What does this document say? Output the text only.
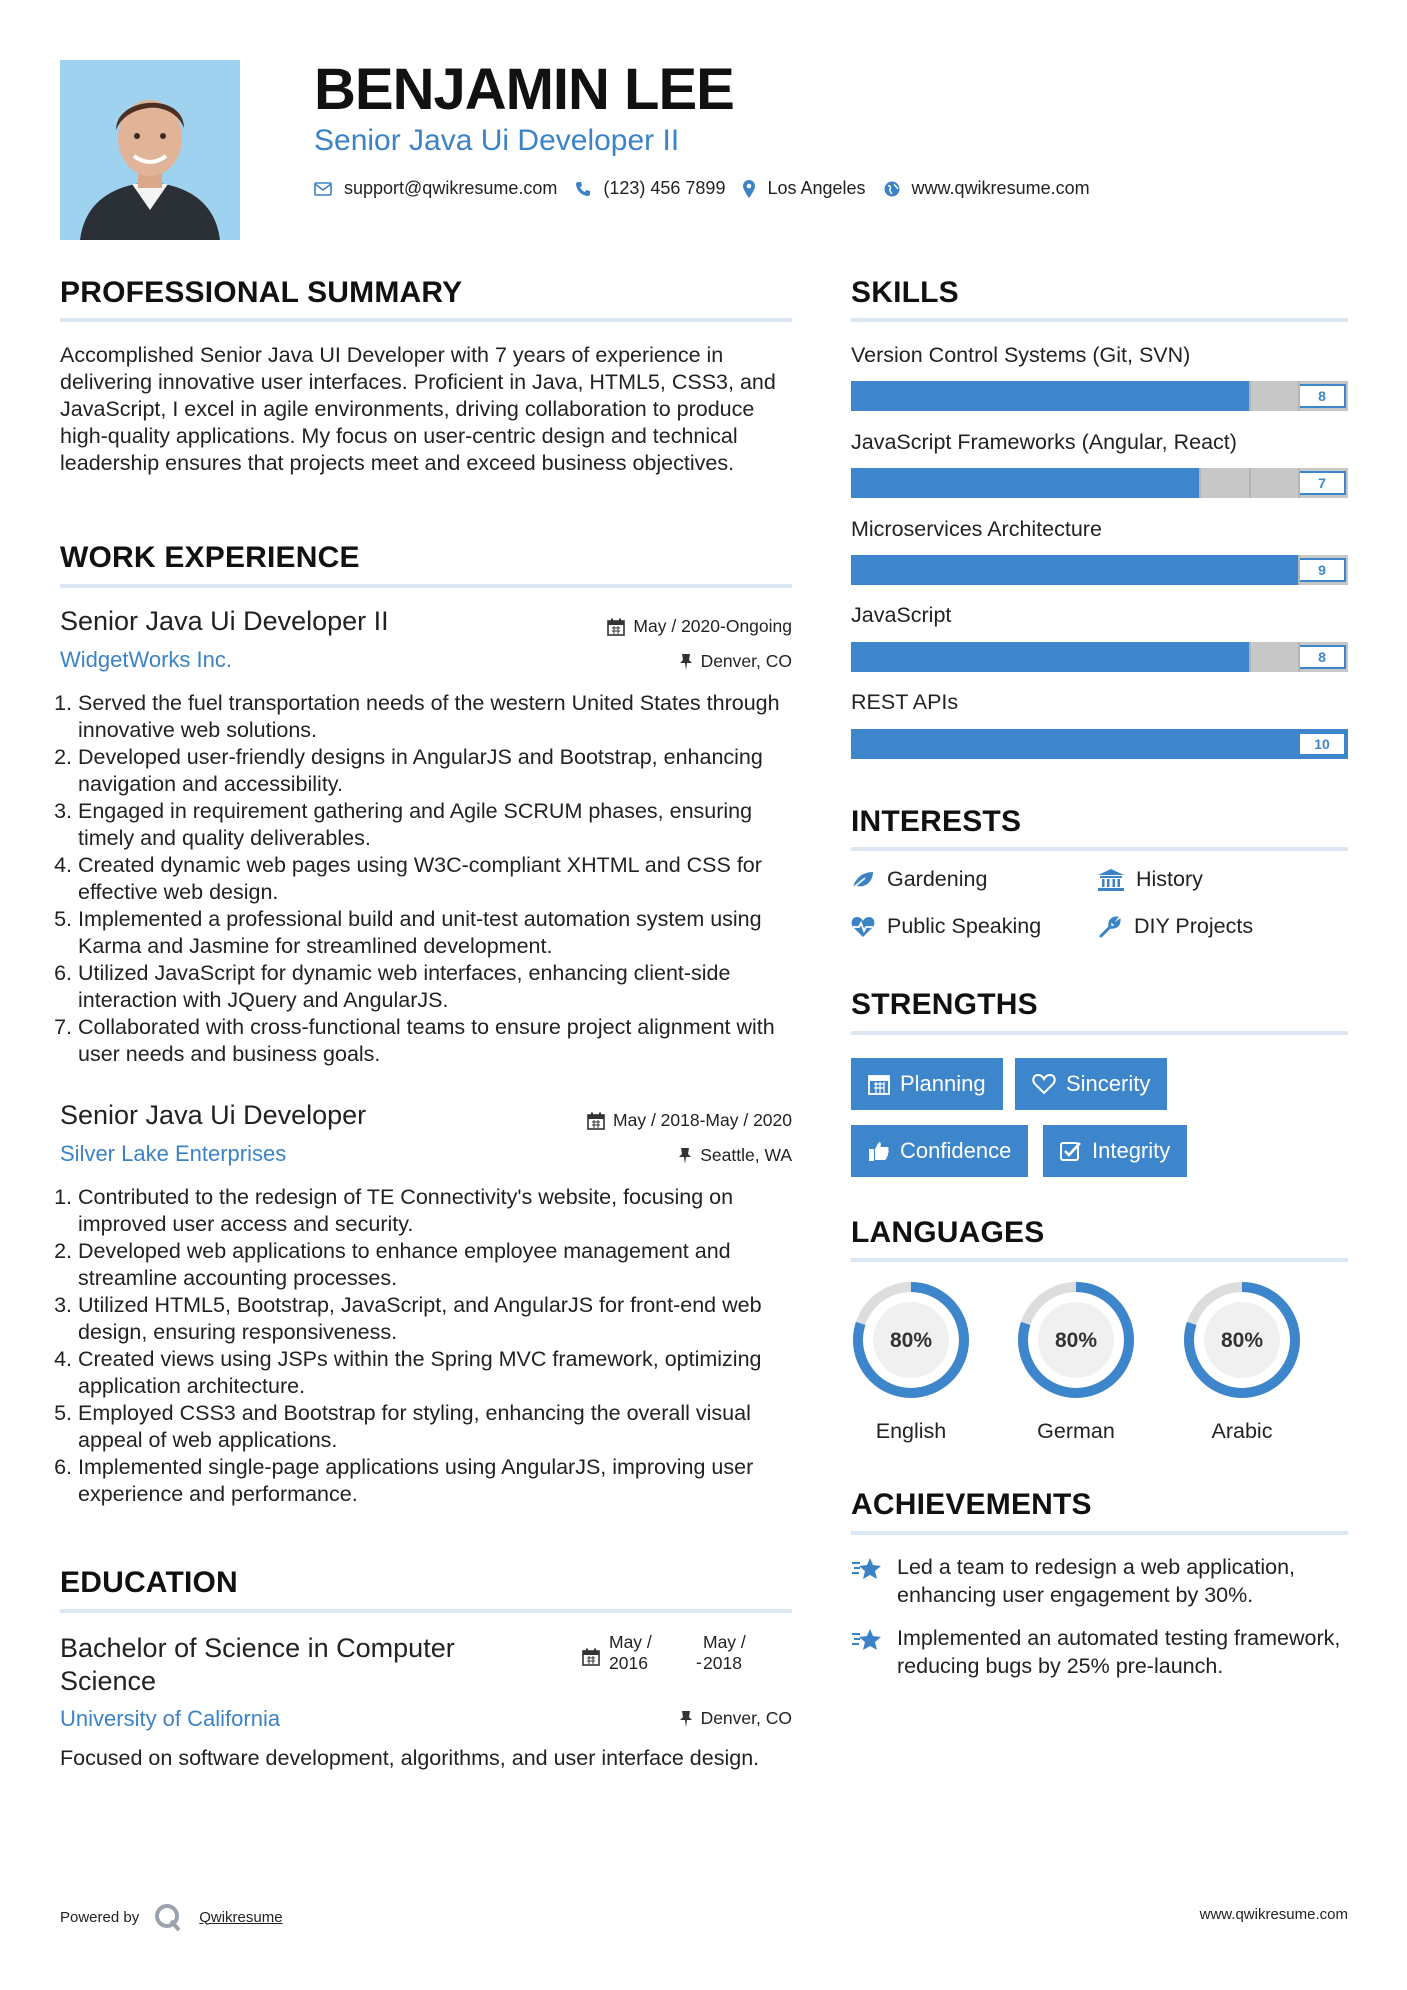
BENJAMIN LEE
Senior Java Ui Developer II
support@qwikresume.com	(123) 456 7899 Los Angeles	www.qwikresume.com
PROFESSIONAL SUMMARY
Accomplished Senior Java UI Developer with 7 years of experience in delivering innovative user interfaces. Proficient in Java, HTML5, CSS3, and JavaScript, I excel in agile environments, driving collaboration to produce high-quality applications. My focus on user-centric design and technical leadership ensures that projects meet and exceed business objectives.
WORK EXPERIENCE
Senior Java Ui Developer II
WidgetWorks Inc.
May / 2020-Ongoing
Denver, CO
1. Served the fuel transportation needs of the western United States through innovative web solutions.
2. Developed user-friendly designs in AngularJS and Bootstrap, enhancing navigation and accessibility.
3. Engaged in requirement gathering and Agile SCRUM phases, ensuring timely and quality deliverables.
4. Created dynamic web pages using W3C-compliant XHTML and CSS for effective web design.
5. Implemented a professional build and unit-test automation system using Karma and Jasmine for streamlined development.
6. Utilized JavaScript for dynamic web interfaces, enhancing client-side interaction with JQuery and AngularJS.
7. Collaborated with cross-functional teams to ensure project alignment with user needs and business goals.
Senior Java Ui Developer
Silver Lake Enterprises
May / 2018-May / 2020
Seattle, WA
1. Contributed to the redesign of TE Connectivity's website, focusing on improved user access and security.
2. Developed web applications to enhance employee management and streamline accounting processes.
3. Utilized HTML5, Bootstrap, JavaScript, and AngularJS for front-end web design, ensuring responsiveness.
4. Created views using JSPs within the Spring MVC framework, optimizing application architecture.
5. Employed CSS3 and Bootstrap for styling, enhancing the overall visual appeal of web applications.
6. Implemented single-page applications using AngularJS, improving user experience and performance.
EDUCATION
Bachelor of Science in Computer Science
May / 2016	-
May / 2018
University of California	Denver, CO
Focused on software development, algorithms, and user interface design.
SKILLS
Version Control Systems (Git, SVN)
8
JavaScript Frameworks (Angular, React)
7
Microservices Architecture
9
JavaScript
8
REST APIs
10
INTERESTS
Gardening	History
Public Speaking	DIY Projects
STRENGTHS
Planning	Sincerity
Confidence	Integrity
LANGUAGES
80%
English
80%
German
80%
Arabic
ACHIEVEMENTS
Led a team to redesign a web application, enhancing user engagement by 30%.
Implemented an automated testing framework, reducing bugs by 25% pre-launch.
Powered by	Qwikresume	www.qwikresume.com
